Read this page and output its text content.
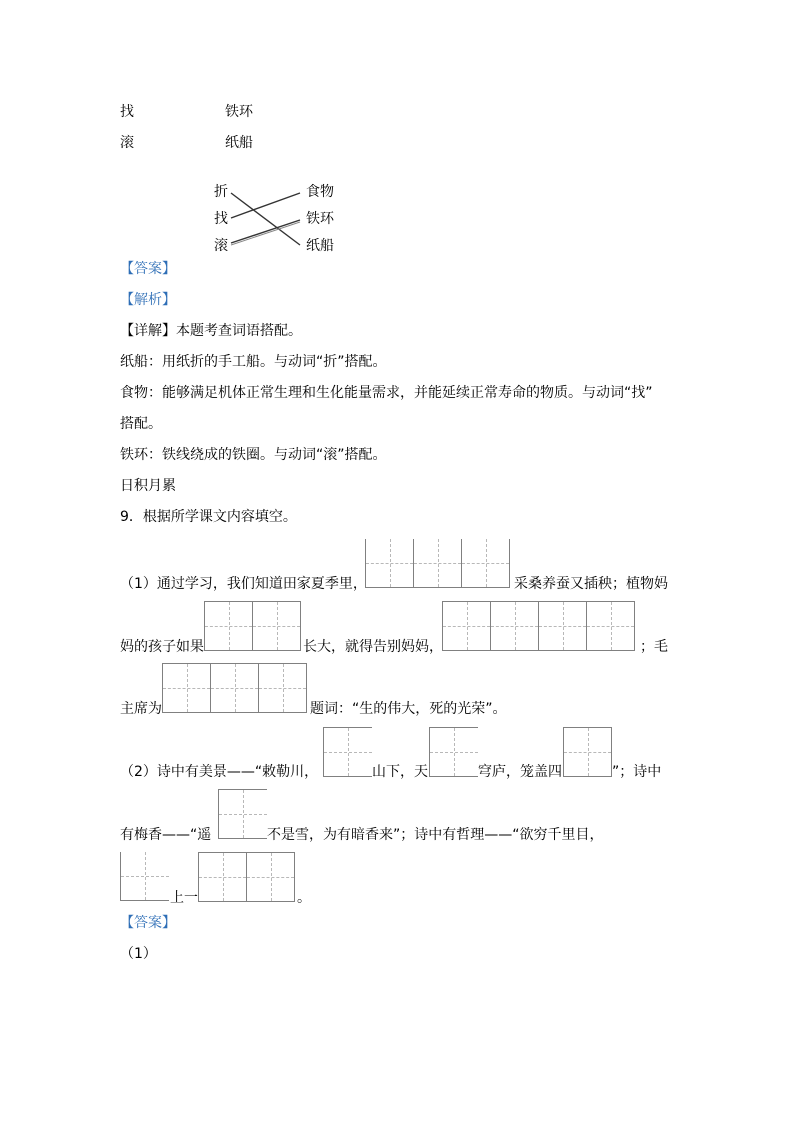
找	铁环
滚	纸船
折
找
滚
食物
铁环
纸船
【答案】
【解析】
【详解】本题考查词语搭配。
纸船：用纸折的手工船。与动词“折”搭配。
食物：能够满足机体正常生理和生化能量需求，并能延续正常寿命的物质。与动词“找”
搭配。
铁环：铁线绕成的铁圈。与动词“滚”搭配。
日积月累
9．根据所学课文内容填空。
（1）通过学习，我们知道田家夏季里，	采桑养蚕又插秧；植物妈
妈的孩子如果	长大，就得告别妈妈，	；毛
主席为	题词：“生的伟大，死的光荣”。
（2）诗中有美景——“敕勒川，	山下，天	穹庐，笼盖四	”；诗中
有梅香——“遥	不是雪，为有暗香来”；诗中有哲理——“欲穷千里目，
上一	。
【答案】
（1）
